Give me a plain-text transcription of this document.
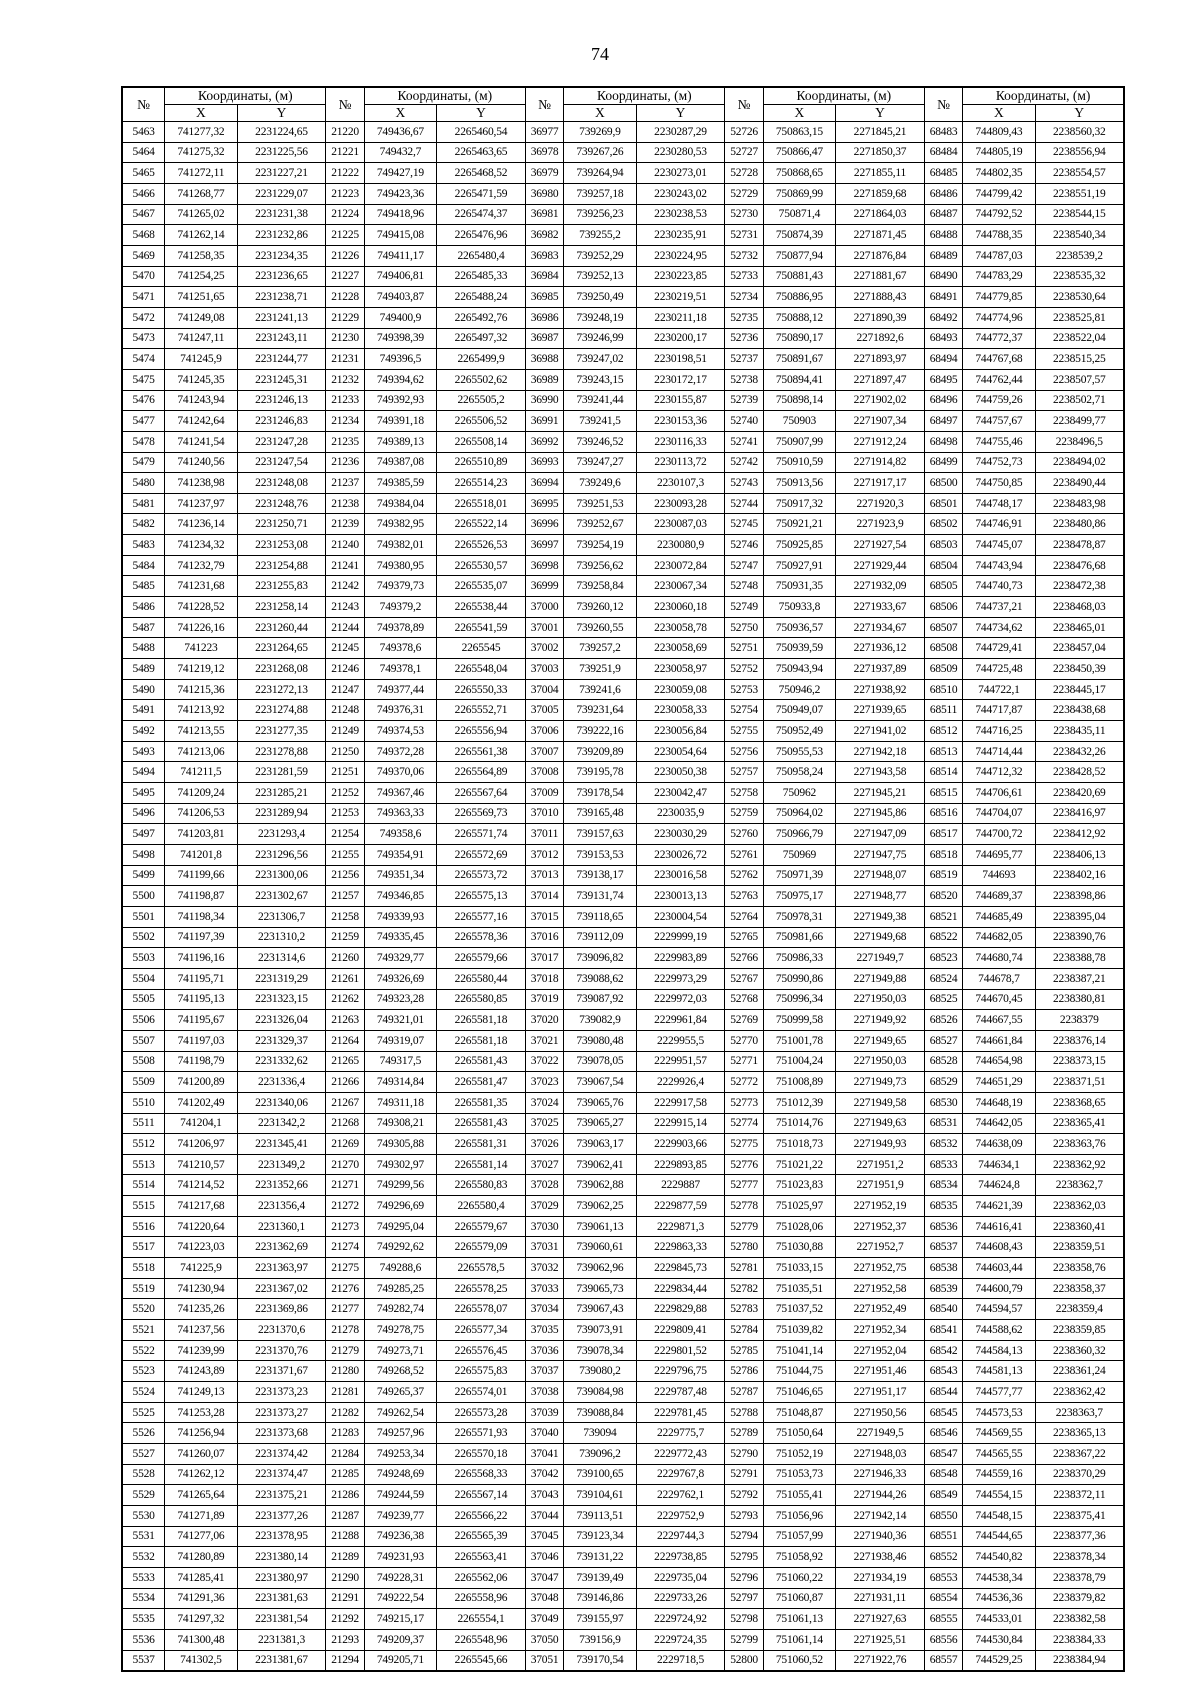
74
№	Координаты, (м)		№	Координаты, (м)		№	Координаты, (м)		№	Координаты, (м)		№	Координаты, (м)	
	X	Y		X	Y		X	Y		X	Y		X	Y
5463	741277,32	2231224,65	21220	749436,67	2265460,54	36977	739269,9	2230287,29	52726	750863,15	2271845,21	68483	744809,43	2238560,32
5464	741275,32	2231225,56	21221	749432,7	2265463,65	36978	739267,26	2230280,53	52727	750866,47	2271850,37	68484	744805,19	2238556,94
5465	741272,11	2231227,21	21222	749427,19	2265468,52	36979	739264,94	2230273,01	52728	750868,65	2271855,11	68485	744802,35	2238554,57
5466	741268,77	2231229,07	21223	749423,36	2265471,59	36980	739257,18	2230243,02	52729	750869,99	2271859,68	68486	744799,42	2238551,19
5467	741265,02	2231231,38	21224	749418,96	2265474,37	36981	739256,23	2230238,53	52730	750871,4	2271864,03	68487	744792,52	2238544,15
5468	741262,14	2231232,86	21225	749415,08	2265476,96	36982	739255,2	2230235,91	52731	750874,39	2271871,45	68488	744788,35	2238540,34
5469	741258,35	2231234,35	21226	749411,17	2265480,4	36983	739252,29	2230224,95	52732	750877,94	2271876,84	68489	744787,03	2238539,2
5470	741254,25	2231236,65	21227	749406,81	2265485,33	36984	739252,13	2230223,85	52733	750881,43	2271881,67	68490	744783,29	2238535,32
5471	741251,65	2231238,71	21228	749403,87	2265488,24	36985	739250,49	2230219,51	52734	750886,95	2271888,43	68491	744779,85	2238530,64
5472	741249,08	2231241,13	21229	749400,9	2265492,76	36986	739248,19	2230211,18	52735	750888,12	2271890,39	68492	744774,96	2238525,81
5473	741247,11	2231243,11	21230	749398,39	2265497,32	36987	739246,99	2230200,17	52736	750890,17	2271892,6	68493	744772,37	2238522,04
5474	741245,9	2231244,77	21231	749396,5	2265499,9	36988	739247,02	2230198,51	52737	750891,67	2271893,97	68494	744767,68	2238515,25
5475	741245,35	2231245,31	21232	749394,62	2265502,62	36989	739243,15	2230172,17	52738	750894,41	2271897,47	68495	744762,44	2238507,57
5476	741243,94	2231246,13	21233	749392,93	2265505,2	36990	739241,44	2230155,87	52739	750898,14	2271902,02	68496	744759,26	2238502,71
5477	741242,64	2231246,83	21234	749391,18	2265506,52	36991	739241,5	2230153,36	52740	750903	2271907,34	68497	744757,67	2238499,77
5478	741241,54	2231247,28	21235	749389,13	2265508,14	36992	739246,52	2230116,33	52741	750907,99	2271912,24	68498	744755,46	2238496,5
5479	741240,56	2231247,54	21236	749387,08	2265510,89	36993	739247,27	2230113,72	52742	750910,59	2271914,82	68499	744752,73	2238494,02
5480	741238,98	2231248,08	21237	749385,59	2265514,23	36994	739249,6	2230107,3	52743	750913,56	2271917,17	68500	744750,85	2238490,44
5481	741237,97	2231248,76	21238	749384,04	2265518,01	36995	739251,53	2230093,28	52744	750917,32	2271920,3	68501	744748,17	2238483,98
5482	741236,14	2231250,71	21239	749382,95	2265522,14	36996	739252,67	2230087,03	52745	750921,21	2271923,9	68502	744746,91	2238480,86
5483	741234,32	2231253,08	21240	749382,01	2265526,53	36997	739254,19	2230080,9	52746	750925,85	2271927,54	68503	744745,07	2238478,87
5484	741232,79	2231254,88	21241	749380,95	2265530,57	36998	739256,62	2230072,84	52747	750927,91	2271929,44	68504	744743,94	2238476,68
5485	741231,68	2231255,83	21242	749379,73	2265535,07	36999	739258,84	2230067,34	52748	750931,35	2271932,09	68505	744740,73	2238472,38
5486	741228,52	2231258,14	21243	749379,2	2265538,44	37000	739260,12	2230060,18	52749	750933,8	2271933,67	68506	744737,21	2238468,03
5487	741226,16	2231260,44	21244	749378,89	2265541,59	37001	739260,55	2230058,78	52750	750936,57	2271934,67	68507	744734,62	2238465,01
5488	741223	2231264,65	21245	749378,6	2265545	37002	739257,2	2230058,69	52751	750939,59	2271936,12	68508	744729,41	2238457,04
5489	741219,12	2231268,08	21246	749378,1	2265548,04	37003	739251,9	2230058,97	52752	750943,94	2271937,89	68509	744725,48	2238450,39
5490	741215,36	2231272,13	21247	749377,44	2265550,33	37004	739241,6	2230059,08	52753	750946,2	2271938,92	68510	744722,1	2238445,17
5491	741213,92	2231274,88	21248	749376,31	2265552,71	37005	739231,64	2230058,33	52754	750949,07	2271939,65	68511	744717,87	2238438,68
5492	741213,55	2231277,35	21249	749374,53	2265556,94	37006	739222,16	2230056,84	52755	750952,49	2271941,02	68512	744716,25	2238435,11
5493	741213,06	2231278,88	21250	749372,28	2265561,38	37007	739209,89	2230054,64	52756	750955,53	2271942,18	68513	744714,44	2238432,26
5494	741211,5	2231281,59	21251	749370,06	2265564,89	37008	739195,78	2230050,38	52757	750958,24	2271943,58	68514	744712,32	2238428,52
5495	741209,24	2231285,21	21252	749367,46	2265567,64	37009	739178,54	2230042,47	52758	750962	2271945,21	68515	744706,61	2238420,69
5496	741206,53	2231289,94	21253	749363,33	2265569,73	37010	739165,48	2230035,9	52759	750964,02	2271945,86	68516	744704,07	2238416,97
5497	741203,81	2231293,4	21254	749358,6	2265571,74	37011	739157,63	2230030,29	52760	750966,79	2271947,09	68517	744700,72	2238412,92
5498	741201,8	2231296,56	21255	749354,91	2265572,69	37012	739153,53	2230026,72	52761	750969	2271947,75	68518	744695,77	2238406,13
5499	741199,66	2231300,06	21256	749351,34	2265573,72	37013	739138,17	2230016,58	52762	750971,39	2271948,07	68519	744693	2238402,16
5500	741198,87	2231302,67	21257	749346,85	2265575,13	37014	739131,74	2230013,13	52763	750975,17	2271948,77	68520	744689,37	2238398,86
5501	741198,34	2231306,7	21258	749339,93	2265577,16	37015	739118,65	2230004,54	52764	750978,31	2271949,38	68521	744685,49	2238395,04
5502	741197,39	2231310,2	21259	749335,45	2265578,36	37016	739112,09	2229999,19	52765	750981,66	2271949,68	68522	744682,05	2238390,76
5503	741196,16	2231314,6	21260	749329,77	2265579,66	37017	739096,82	2229983,89	52766	750986,33	2271949,7	68523	744680,74	2238388,78
5504	741195,71	2231319,29	21261	749326,69	2265580,44	37018	739088,62	2229973,29	52767	750990,86	2271949,88	68524	744678,7	2238387,21
5505	741195,13	2231323,15	21262	749323,28	2265580,85	37019	739087,92	2229972,03	52768	750996,34	2271950,03	68525	744670,45	2238380,81
5506	741195,67	2231326,04	21263	749321,01	2265581,18	37020	739082,9	2229961,84	52769	750999,58	2271949,92	68526	744667,55	2238379
5507	741197,03	2231329,37	21264	749319,07	2265581,18	37021	739080,48	2229955,5	52770	751001,78	2271949,65	68527	744661,84	2238376,14
5508	741198,79	2231332,62	21265	749317,5	2265581,43	37022	739078,05	2229951,57	52771	751004,24	2271950,03	68528	744654,98	2238373,15
5509	741200,89	2231336,4	21266	749314,84	2265581,47	37023	739067,54	2229926,4	52772	751008,89	2271949,73	68529	744651,29	2238371,51
5510	741202,49	2231340,06	21267	749311,18	2265581,35	37024	739065,76	2229917,58	52773	751012,39	2271949,58	68530	744648,19	2238368,65
5511	741204,1	2231342,2	21268	749308,21	2265581,43	37025	739065,27	2229915,14	52774	751014,76	2271949,63	68531	744642,05	2238365,41
5512	741206,97	2231345,41	21269	749305,88	2265581,31	37026	739063,17	2229903,66	52775	751018,73	2271949,93	68532	744638,09	2238363,76
5513	741210,57	2231349,2	21270	749302,97	2265581,14	37027	739062,41	2229893,85	52776	751021,22	2271951,2	68533	744634,1	2238362,92
5514	741214,52	2231352,66	21271	749299,56	2265580,83	37028	739062,88	2229887	52777	751023,83	2271951,9	68534	744624,8	2238362,7
5515	741217,68	2231356,4	21272	749296,69	2265580,4	37029	739062,25	2229877,59	52778	751025,97	2271952,19	68535	744621,39	2238362,03
5516	741220,64	2231360,1	21273	749295,04	2265579,67	37030	739061,13	2229871,3	52779	751028,06	2271952,37	68536	744616,41	2238360,41
5517	741223,03	2231362,69	21274	749292,62	2265579,09	37031	739060,61	2229863,33	52780	751030,88	2271952,7	68537	744608,43	2238359,51
5518	741225,9	2231363,97	21275	749288,6	2265578,5	37032	739062,96	2229845,73	52781	751033,15	2271952,75	68538	744603,44	2238358,76
5519	741230,94	2231367,02	21276	749285,25	2265578,25	37033	739065,73	2229834,44	52782	751035,51	2271952,58	68539	744600,79	2238358,37
5520	741235,26	2231369,86	21277	749282,74	2265578,07	37034	739067,43	2229829,88	52783	751037,52	2271952,49	68540	744594,57	2238359,4
5521	741237,56	2231370,6	21278	749278,75	2265577,34	37035	739073,91	2229809,41	52784	751039,82	2271952,34	68541	744588,62	2238359,85
5522	741239,99	2231370,76	21279	749273,71	2265576,45	37036	739078,34	2229801,52	52785	751041,14	2271952,04	68542	744584,13	2238360,32
5523	741243,89	2231371,67	21280	749268,52	2265575,83	37037	739080,2	2229796,75	52786	751044,75	2271951,46	68543	744581,13	2238361,24
5524	741249,13	2231373,23	21281	749265,37	2265574,01	37038	739084,98	2229787,48	52787	751046,65	2271951,17	68544	744577,77	2238362,42
5525	741253,28	2231373,27	21282	749262,54	2265573,28	37039	739088,84	2229781,45	52788	751048,87	2271950,56	68545	744573,53	2238363,7
5526	741256,94	2231373,68	21283	749257,96	2265571,93	37040	739094	2229775,7	52789	751050,64	2271949,5	68546	744569,55	2238365,13
5527	741260,07	2231374,42	21284	749253,34	2265570,18	37041	739096,2	2229772,43	52790	751052,19	2271948,03	68547	744565,55	2238367,22
5528	741262,12	2231374,47	21285	749248,69	2265568,33	37042	739100,65	2229767,8	52791	751053,73	2271946,33	68548	744559,16	2238370,29
5529	741265,64	2231375,21	21286	749244,59	2265567,14	37043	739104,61	2229762,1	52792	751055,41	2271944,26	68549	744554,15	2238372,11
5530	741271,89	2231377,26	21287	749239,77	2265566,22	37044	739113,51	2229752,9	52793	751056,96	2271942,14	68550	744548,15	2238375,41
5531	741277,06	2231378,95	21288	749236,38	2265565,39	37045	739123,34	2229744,3	52794	751057,99	2271940,36	68551	744544,65	2238377,36
5532	741280,89	2231380,14	21289	749231,93	2265563,41	37046	739131,22	2229738,85	52795	751058,92	2271938,46	68552	744540,82	2238378,34
5533	741285,41	2231380,97	21290	749228,31	2265562,06	37047	739139,49	2229735,04	52796	751060,22	2271934,19	68553	744538,34	2238378,79
5534	741291,36	2231381,63	21291	749222,54	2265558,96	37048	739146,86	2229733,26	52797	751060,87	2271931,11	68554	744536,36	2238379,82
5535	741297,32	2231381,54	21292	749215,17	2265554,1	37049	739155,97	2229724,92	52798	751061,13	2271927,63	68555	744533,01	2238382,58
5536	741300,48	2231381,3	21293	749209,37	2265548,96	37050	739156,9	2229724,35	52799	751061,14	2271925,51	68556	744530,84	2238384,33
5537	741302,5	2231381,67	21294	749205,71	2265545,66	37051	739170,54	2229718,5	52800	751060,52	2271922,76	68557	744529,25	2238384,94
